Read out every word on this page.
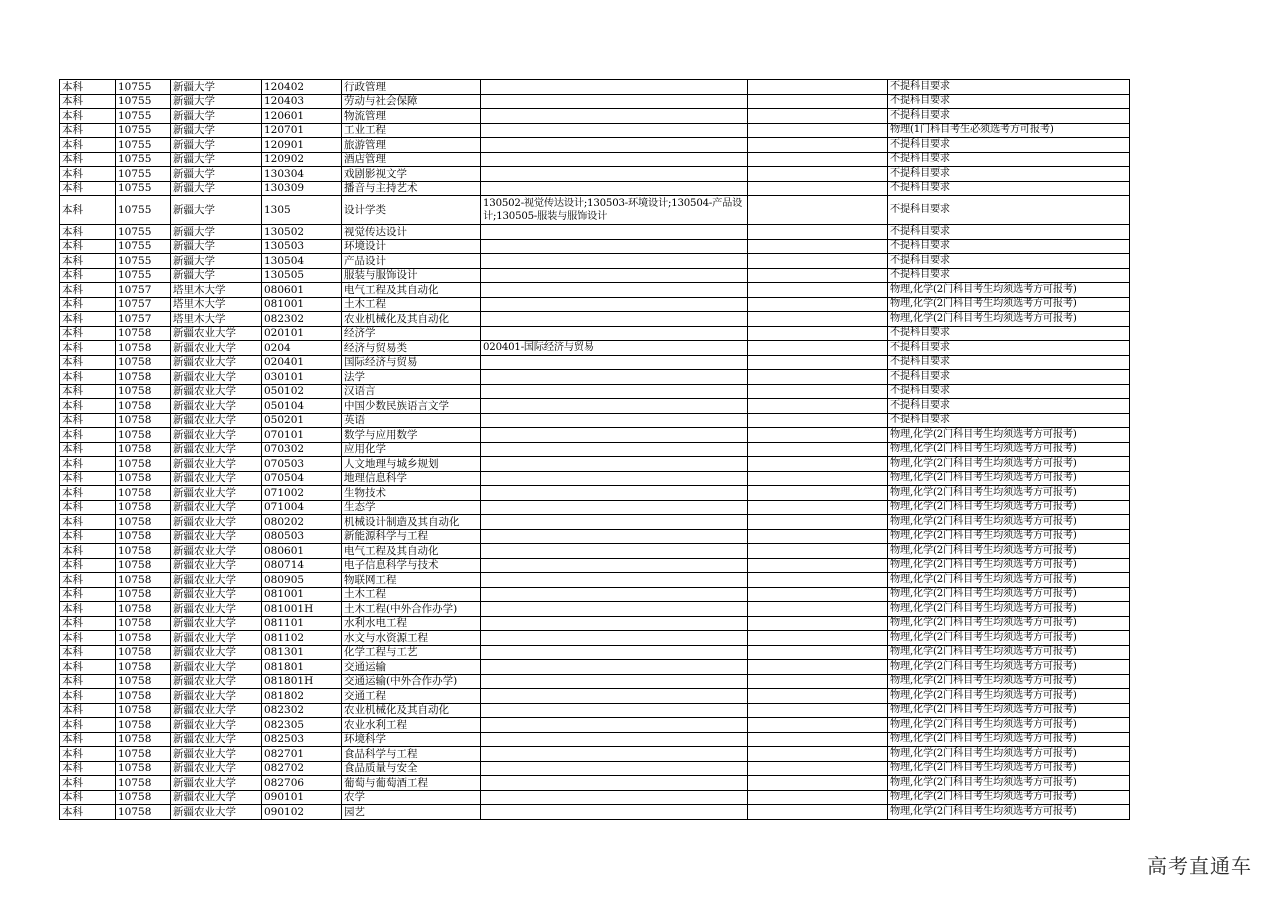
本科	10755	新疆大学	120402	行政管理			不提科目要求
本科	10755	新疆大学	120403	劳动与社会保障			不提科目要求
本科	10755	新疆大学	120601	物流管理			不提科目要求
本科	10755	新疆大学	120701	工业工程			物理(1门科目考生必须选考方可报考)
本科	10755	新疆大学	120901	旅游管理			不提科目要求
本科	10755	新疆大学	120902	酒店管理			不提科目要求
本科	10755	新疆大学	130304	戏剧影视文学			不提科目要求
本科	10755	新疆大学	130309	播音与主持艺术			不提科目要求
本科	10755	新疆大学	1305	设计学类	130502-视觉传达设计;130503-环境设计;130504-产品设计;130505-服装与服饰设计		不提科目要求
本科	10755	新疆大学	130502	视觉传达设计			不提科目要求
本科	10755	新疆大学	130503	环境设计			不提科目要求
本科	10755	新疆大学	130504	产品设计			不提科目要求
本科	10755	新疆大学	130505	服装与服饰设计			不提科目要求
本科	10757	塔里木大学	080601	电气工程及其自动化			物理,化学(2门科目考生均须选考方可报考)
本科	10757	塔里木大学	081001	土木工程			物理,化学(2门科目考生均须选考方可报考)
本科	10757	塔里木大学	082302	农业机械化及其自动化			物理,化学(2门科目考生均须选考方可报考)
本科	10758	新疆农业大学	020101	经济学			不提科目要求
本科	10758	新疆农业大学	0204	经济与贸易类	020401-国际经济与贸易		不提科目要求
本科	10758	新疆农业大学	020401	国际经济与贸易			不提科目要求
本科	10758	新疆农业大学	030101	法学			不提科目要求
本科	10758	新疆农业大学	050102	汉语言			不提科目要求
本科	10758	新疆农业大学	050104	中国少数民族语言文学			不提科目要求
本科	10758	新疆农业大学	050201	英语			不提科目要求
本科	10758	新疆农业大学	070101	数学与应用数学			物理,化学(2门科目考生均须选考方可报考)
本科	10758	新疆农业大学	070302	应用化学			物理,化学(2门科目考生均须选考方可报考)
本科	10758	新疆农业大学	070503	人文地理与城乡规划			物理,化学(2门科目考生均须选考方可报考)
本科	10758	新疆农业大学	070504	地理信息科学			物理,化学(2门科目考生均须选考方可报考)
本科	10758	新疆农业大学	071002	生物技术			物理,化学(2门科目考生均须选考方可报考)
本科	10758	新疆农业大学	071004	生态学			物理,化学(2门科目考生均须选考方可报考)
本科	10758	新疆农业大学	080202	机械设计制造及其自动化			物理,化学(2门科目考生均须选考方可报考)
本科	10758	新疆农业大学	080503	新能源科学与工程			物理,化学(2门科目考生均须选考方可报考)
本科	10758	新疆农业大学	080601	电气工程及其自动化			物理,化学(2门科目考生均须选考方可报考)
本科	10758	新疆农业大学	080714	电子信息科学与技术			物理,化学(2门科目考生均须选考方可报考)
本科	10758	新疆农业大学	080905	物联网工程			物理,化学(2门科目考生均须选考方可报考)
本科	10758	新疆农业大学	081001	土木工程			物理,化学(2门科目考生均须选考方可报考)
本科	10758	新疆农业大学	081001H	土木工程(中外合作办学)			物理,化学(2门科目考生均须选考方可报考)
本科	10758	新疆农业大学	081101	水利水电工程			物理,化学(2门科目考生均须选考方可报考)
本科	10758	新疆农业大学	081102	水文与水资源工程			物理,化学(2门科目考生均须选考方可报考)
本科	10758	新疆农业大学	081301	化学工程与工艺			物理,化学(2门科目考生均须选考方可报考)
本科	10758	新疆农业大学	081801	交通运输			物理,化学(2门科目考生均须选考方可报考)
本科	10758	新疆农业大学	081801H	交通运输(中外合作办学)			物理,化学(2门科目考生均须选考方可报考)
本科	10758	新疆农业大学	081802	交通工程			物理,化学(2门科目考生均须选考方可报考)
本科	10758	新疆农业大学	082302	农业机械化及其自动化			物理,化学(2门科目考生均须选考方可报考)
本科	10758	新疆农业大学	082305	农业水利工程			物理,化学(2门科目考生均须选考方可报考)
本科	10758	新疆农业大学	082503	环境科学			物理,化学(2门科目考生均须选考方可报考)
本科	10758	新疆农业大学	082701	食品科学与工程			物理,化学(2门科目考生均须选考方可报考)
本科	10758	新疆农业大学	082702	食品质量与安全			物理,化学(2门科目考生均须选考方可报考)
本科	10758	新疆农业大学	082706	葡萄与葡萄酒工程			物理,化学(2门科目考生均须选考方可报考)
本科	10758	新疆农业大学	090101	农学			物理,化学(2门科目考生均须选考方可报考)
本科	10758	新疆农业大学	090102	园艺			物理,化学(2门科目考生均须选考方可报考)
高考直通车
